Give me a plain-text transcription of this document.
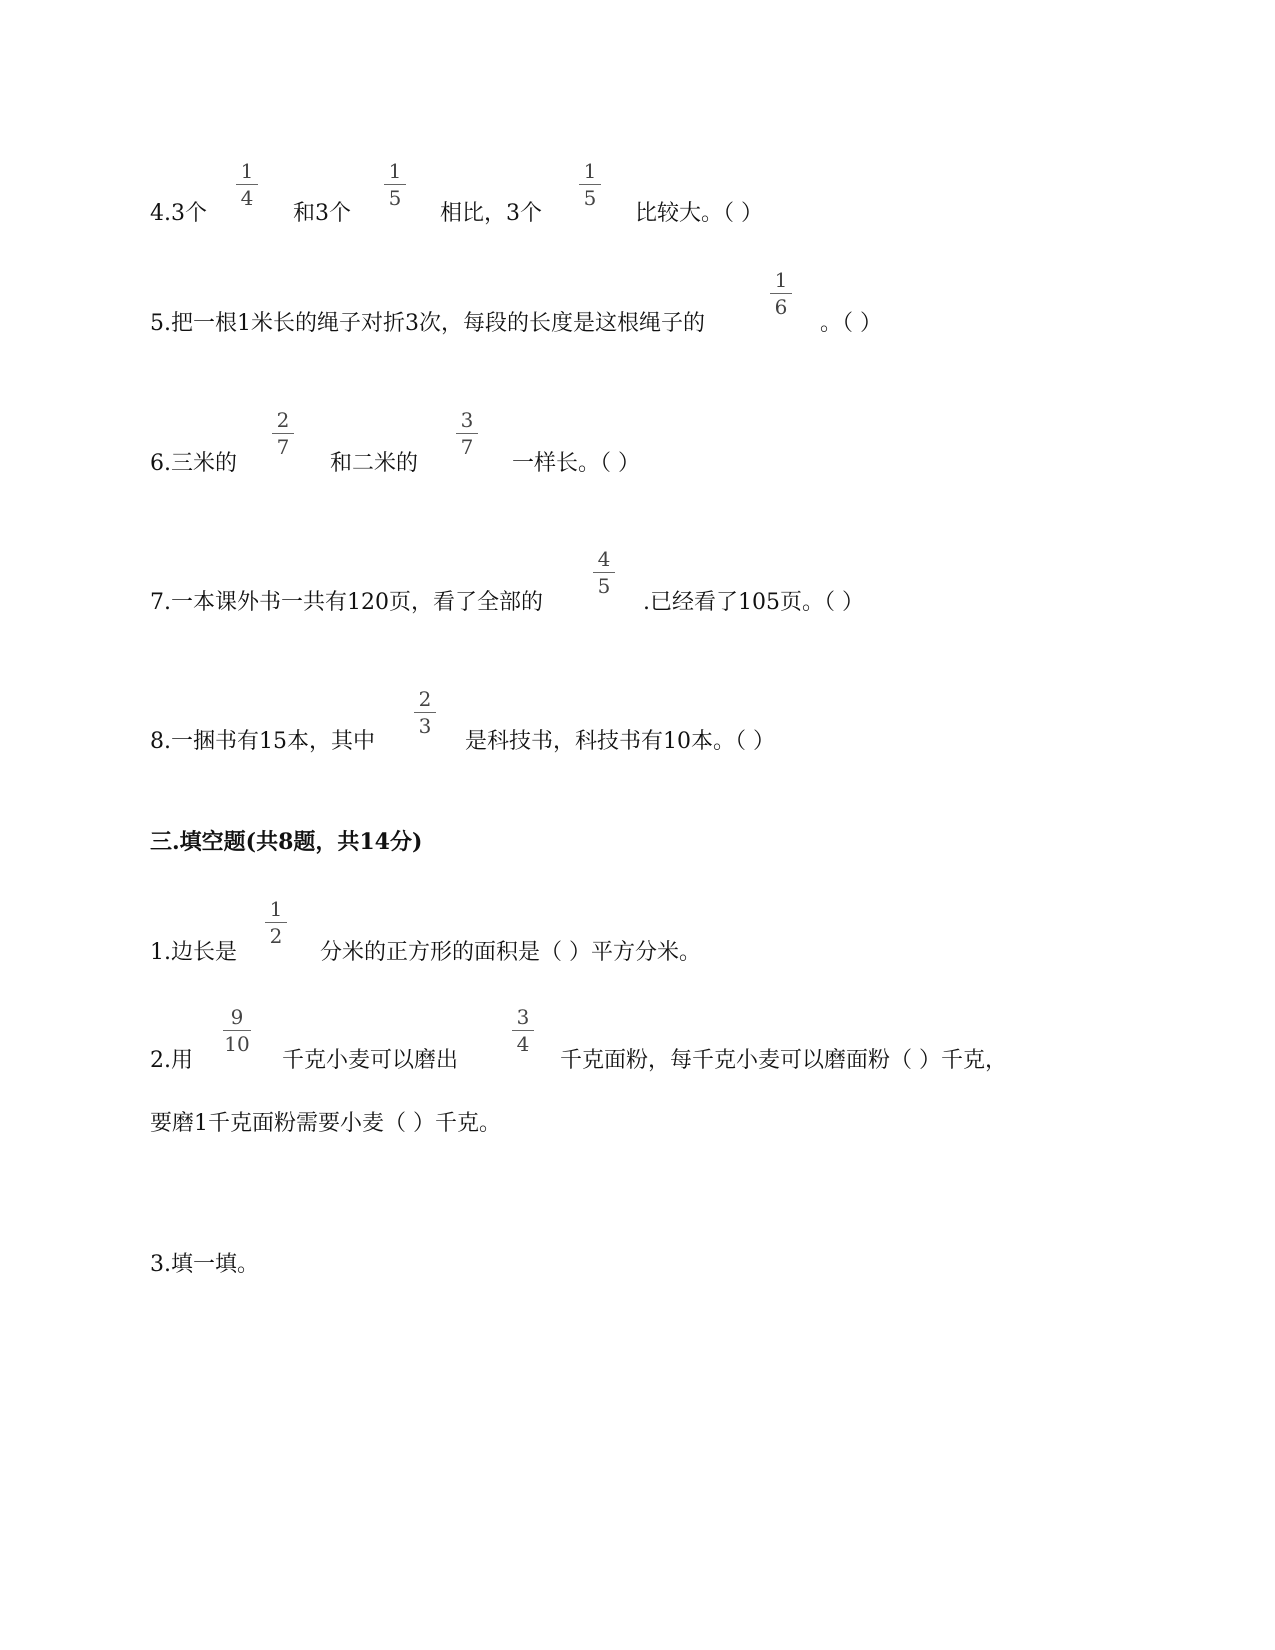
4.3个	和3个	相比，3个	比较大。（ ）
1
4
1
5
1
5
5.把一根1米长的绳子对折3次，每段的长度是这根绳子的	。（ ）
1
6
6.三米的	和二米的	一样长。（ ）
2
7
3
7
7.一本课外书一共有120页，看了全部的	.已经看了105页。（ ）
4
5
8.一捆书有15本，其中	是科技书，科技书有10本。（ ）
2
3
三.填空题(共8题，共14分)
1.边长是	分米的正方形的面积是（ ）平方分米。
1
2
2.用	千克小麦可以磨出	千克面粉，每千克小麦可以磨面粉（ ）千克，
9
10
3
4
要磨1千克面粉需要小麦（ ）千克。
3.填一填。
